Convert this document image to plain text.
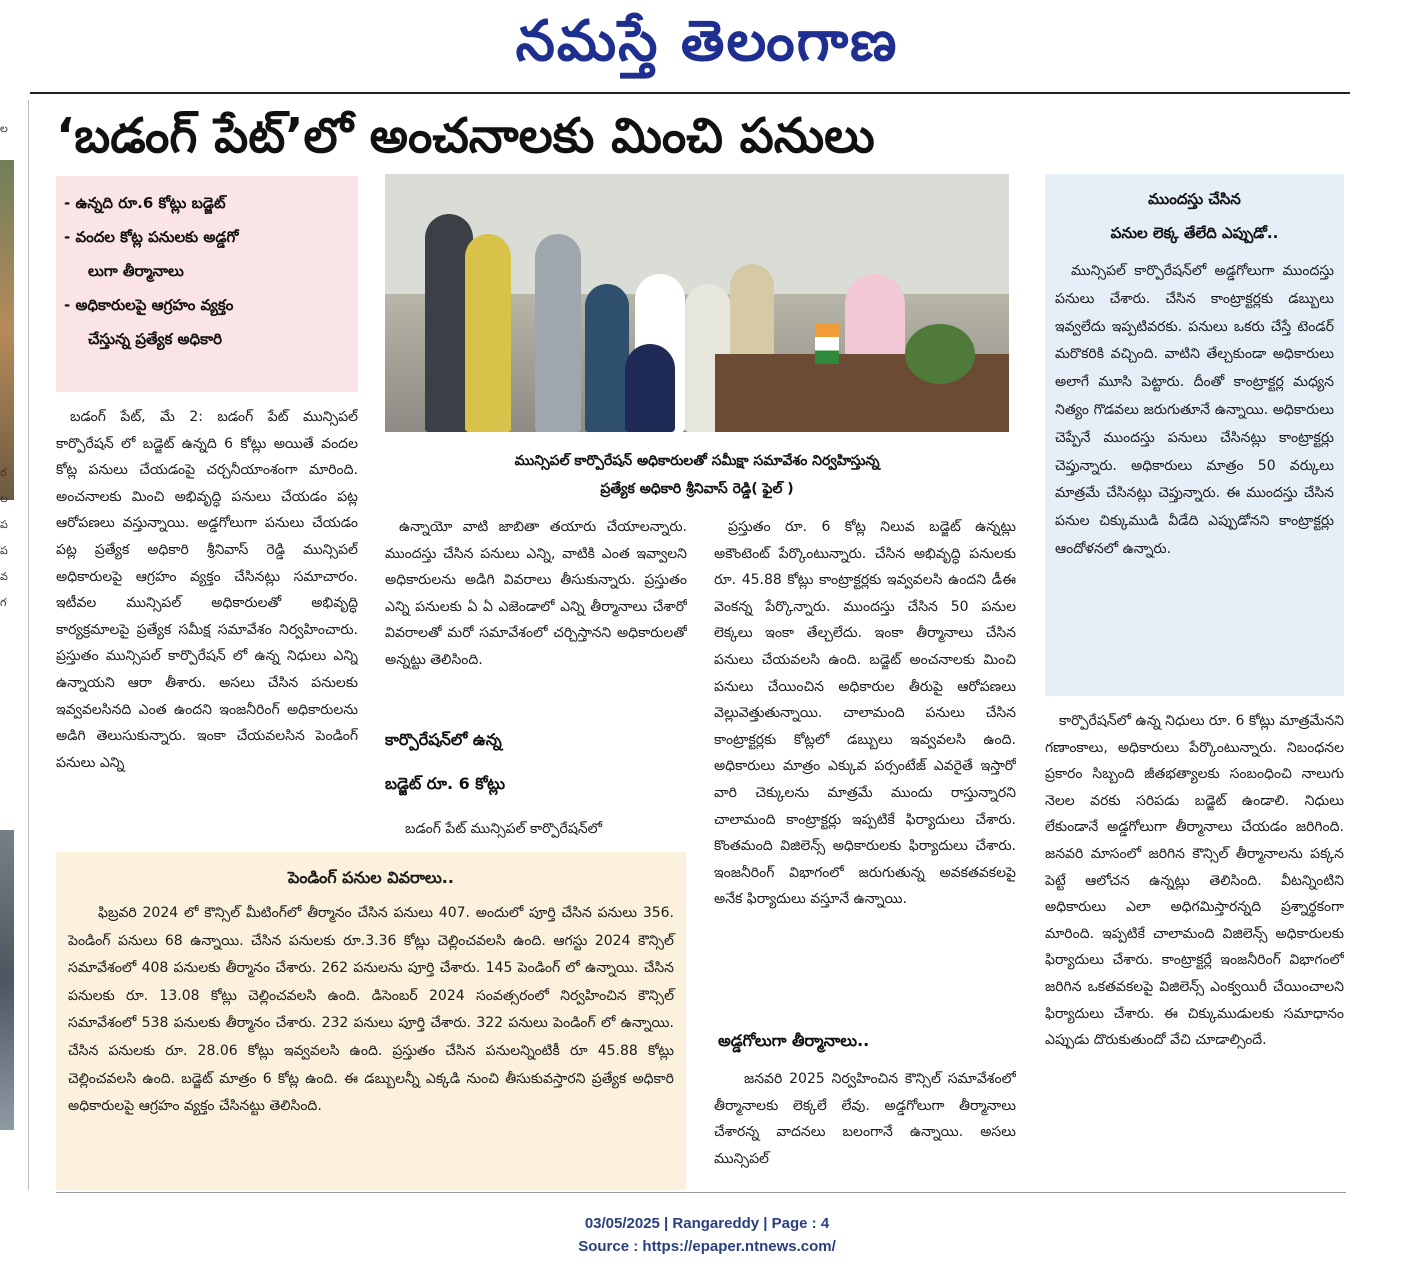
నమస్తే తెలంగాణ
ల
ర
ల
ప
ప
వ
గ
‘బడంగ్ పేట్’లో అంచనాలకు మించి పనులు

- ఉన్నది రూ.6 కోట్లు బడ్జెట్

- వందల కోట్ల పనులకు అడ్డగో

లుగా తీర్మానాలు

- అధికారులపై ఆగ్రహం వ్యక్తం

చేస్తున్న ప్రత్యేక అధికారి

మున్సిపల్ కార్పొరేషన్ అధికారులతో సమీక్షా సమావేశం నిర్వహిస్తున్న
ప్రత్యేక అధికారి శ్రీనివాస్ రెడ్డి( ఫైల్ )

బడంగ్ పేట్, మే 2: బడంగ్ పేట్ మున్సిపల్ కార్పొరేషన్ లో బడ్జెట్ ఉన్నది 6 కోట్లు అయితే వందల కోట్ల పనులు చేయడంపై చర్చనీయాంశంగా మారింది. అంచనాలకు మించి అభివృద్ధి పనులు చేయడం పట్ల ఆరోపణలు వస్తున్నాయి. అడ్డగోలుగా పనులు చేయడం పట్ల ప్రత్యేక అధికారి శ్రీనివాస్ రెడ్డి మున్సిపల్ అధికారులపై ఆగ్రహం వ్యక్తం చేసినట్లు సమాచారం. ఇటీవల మున్సిపల్ అధికారులతో అభివృద్ధి కార్యక్రమాలపై ప్రత్యేక సమీక్ష సమావేశం నిర్వహించారు. ప్రస్తుతం మున్సిపల్ కార్పొరేషన్ లో ఉన్న నిధులు ఎన్ని ఉన్నాయని ఆరా తీశారు. అసలు చేసిన పనులకు ఇవ్వవలసినది ఎంత ఉందని ఇంజనీరింగ్ అధికారులను అడిగి తెలుసుకున్నారు. ఇంకా చేయవలసిన పెండింగ్ పనులు ఎన్ని

ఉన్నాయో వాటి జాబితా తయారు చేయాలన్నారు. ముందస్తు చేసిన పనులు ఎన్ని, వాటికి ఎంత ఇవ్వాలని అధికారులను అడిగి వివరాలు తీసుకున్నారు. ప్రస్తుతం ఎన్ని పనులకు ఏ ఏ ఎజెండాలో ఎన్ని తీర్మానాలు చేశారో వివరాలతో మరో సమావేశంలో చర్చిస్తానని అధికారులతో అన్నట్టు తెలిసింది.

కార్పొరేషన్‌లో ఉన్న
బడ్జెట్ రూ. 6 కోట్లు

బడంగ్ పేట్ మున్సిపల్ కార్పొరేషన్‌లో

ప్రస్తుతం రూ. 6 కోట్ల నిలువ బడ్జెట్ ఉన్నట్లు అకౌంటెంట్ పేర్కొంటున్నారు. చేసిన అభివృద్ధి పనులకు రూ. 45.88 కోట్లు కాంట్రాక్టర్లకు ఇవ్వవలసి ఉందని డీఈ వెంకన్న పేర్కొన్నారు. ముందస్తు చేసిన 50 పనుల లెక్కలు ఇంకా తేల్చలేదు. ఇంకా తీర్మానాలు చేసిన పనులు చేయవలసి ఉంది. బడ్జెట్ అంచనాలకు మించి పనులు చేయించిన అధికారుల తీరుపై ఆరోపణలు వెల్లువెత్తుతున్నాయి. చాలామంది పనులు చేసిన కాంట్రాక్టర్లకు కోట్లలో డబ్బులు ఇవ్వవలసి ఉంది. అధికారులు మాత్రం ఎక్కువ పర్సంటేజ్ ఎవరైతే ఇస్తారో వారి చెక్కులను మాత్రమే ముందు రాస్తున్నారని చాలామంది కాంట్రాక్టర్లు ఇప్పటికే ఫిర్యాదులు చేశారు. కొంతమంది విజిలెన్స్ అధికారులకు ఫిర్యాదులు చేశారు. ఇంజనీరింగ్ విభాగంలో జరుగుతున్న అవకతవకలపై అనేక ఫిర్యాదులు వస్తూనే ఉన్నాయి.

అడ్డగోలుగా తీర్మానాలు..

జనవరి 2025 నిర్వహించిన కౌన్సిల్ సమావేశంలో తీర్మానాలకు లెక్కలే లేవు. అడ్డగోలుగా తీర్మానాలు చేశారన్న వాదనలు బలంగానే ఉన్నాయి. అసలు మున్సిపల్

ముందస్తు చేసిన

పనుల లెక్క తేలేది ఎప్పుడో..

మున్సిపల్ కార్పొరేషన్‌లో అడ్డగోలుగా ముందస్తు పనులు చేశారు. చేసిన కాంట్రాక్టర్లకు డబ్బులు ఇవ్వలేదు ఇప్పటివరకు. పనులు ఒకరు చేస్తే టెండర్ మరొకరికి వచ్చింది. వాటిని తేల్చకుండా అధికారులు అలాగే మూసి పెట్టారు. దీంతో కాంట్రాక్టర్ల మధ్యన నిత్యం గొడవలు జరుగుతూనే ఉన్నాయి. అధికారులు చెప్పేనే ముందస్తు పనులు చేసినట్లు కాంట్రాక్టర్లు చెప్తున్నారు. అధికారులు మాత్రం 50 వర్కులు మాత్రమే చేసినట్లు చెప్తున్నారు. ఈ ముందస్తు చేసిన పనుల చిక్కుముడి వీడేది ఎప్పుడోనని కాంట్రాక్టర్లు ఆందోళనలో ఉన్నారు.

కార్పొరేషన్‌లో ఉన్న నిధులు రూ. 6 కోట్లు మాత్రమేనని గణాంకాలు, అధికారులు పేర్కొంటున్నారు. నిబంధనల ప్రకారం సిబ్బంది జీతభత్యాలకు సంబంధించి నాలుగు నెలల వరకు సరిపడు బడ్జెట్ ఉండాలి. నిధులు లేకుండానే అడ్డగోలుగా తీర్మానాలు చేయడం జరిగింది. జనవరి మాసంలో జరిగిన కౌన్సిల్ తీర్మానాలను పక్కన పెట్టే ఆలోచన ఉన్నట్లు తెలిసింది. వీటన్నింటిని అధికారులు ఎలా అధిగమిస్తారన్నది ప్రశ్నార్థకంగా మారింది. ఇప్పటికే చాలామంది విజిలెన్స్ అధికారులకు ఫిర్యాదులు చేశారు. కాంట్రాక్టర్లే ఇంజనీరింగ్ విభాగంలో జరిగిన ఒకతవకలపై విజిలెన్స్ ఎంక్వయిరీ చేయించాలని ఫిర్యాదులు చేశారు. ఈ చిక్కుముడులకు సమాధానం ఎప్పుడు దొరుకుతుందో వేచి చూడాల్సిందే.

పెండింగ్ పనుల వివరాలు..

ఫిబ్రవరి 2024 లో కౌన్సిల్ మీటింగ్‌లో తీర్మానం చేసిన పనులు 407. అందులో పూర్తి చేసిన పనులు 356. పెండింగ్ పనులు 68 ఉన్నాయి. చేసిన పనులకు రూ.3.36 కోట్లు చెల్లించవలసి ఉంది. ఆగస్టు 2024 కౌన్సిల్ సమావేశంలో 408 పనులకు తీర్మానం చేశారు. 262 పనులను పూర్తి చేశారు. 145 పెండింగ్ లో ఉన్నాయి. చేసిన పనులకు రూ. 13.08 కోట్లు చెల్లించవలసి ఉంది. డిసెంబర్ 2024 సంవత్సరంలో నిర్వహించిన కౌన్సిల్ సమావేశంలో 538 పనులకు తీర్మానం చేశారు. 232 పనులు పూర్తి చేశారు. 322 పనులు పెండింగ్ లో ఉన్నాయి. చేసిన పనులకు రూ. 28.06 కోట్లు ఇవ్వవలసి ఉంది. ప్రస్తుతం చేసిన పనులన్నింటికీ రూ 45.88 కోట్లు చెల్లించవలసి ఉంది. బడ్జెట్ మాత్రం 6 కోట్ల ఉంది. ఈ డబ్బులన్నీ ఎక్కడి నుంచి తీసుకువస్తారని ప్రత్యేక అధికారి అధికారులపై ఆగ్రహం వ్యక్తం చేసినట్టు తెలిసింది.

03/05/2025 | Rangareddy | Page : 4
Source : https://epaper.ntnews.com/
